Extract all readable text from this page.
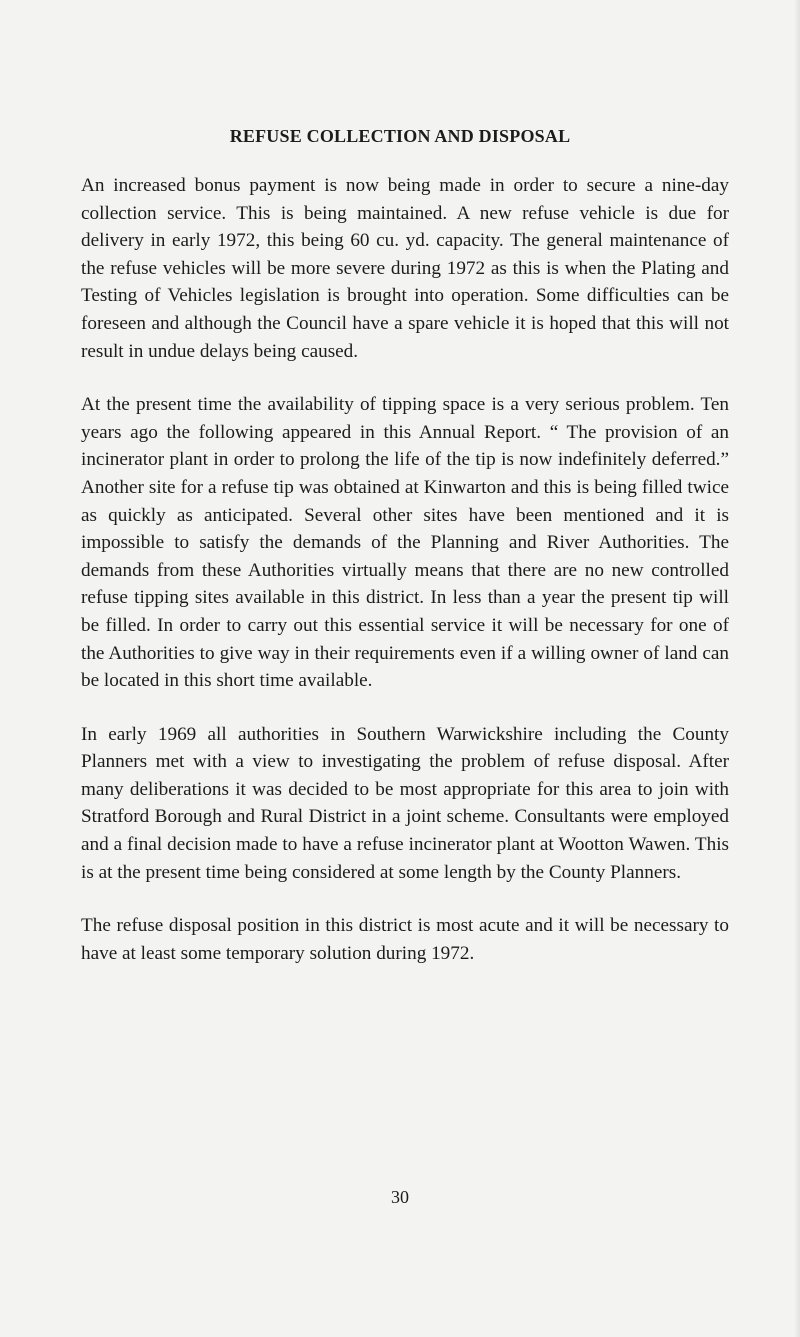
REFUSE COLLECTION AND DISPOSAL

An increased bonus payment is now being made in order to secure a nine-day collection service. This is being maintained. A new refuse vehicle is due for delivery in early 1972, this being 60 cu. yd. capacity. The general maintenance of the refuse vehicles will be more severe during 1972 as this is when the Plating and Testing of Vehicles legislation is brought into operation. Some difficulties can be foreseen and although the Council have a spare vehicle it is hoped that this will not result in undue delays being caused.

At the present time the availability of tipping space is a very serious problem. Ten years ago the following appeared in this Annual Report. “ The provision of an incinerator plant in order to prolong the life of the tip is now indefinitely deferred.” Another site for a refuse tip was obtained at Kinwarton and this is being filled twice as quickly as anticipated. Several other sites have been mentioned and it is impossible to satisfy the demands of the Planning and River Authorities. The demands from these Authorities virtually means that there are no new controlled refuse tipping sites available in this district. In less than a year the present tip will be filled. In order to carry out this essential service it will be necessary for one of the Authorities to give way in their requirements even if a willing owner of land can be located in this short time available.

In early 1969 all authorities in Southern Warwickshire including the County Planners met with a view to investigating the problem of refuse disposal. After many deliberations it was decided to be most appropriate for this area to join with Stratford Borough and Rural District in a joint scheme. Consultants were employed and a final decision made to have a refuse incinerator plant at Wootton Wawen. This is at the present time being considered at some length by the County Planners.

The refuse disposal position in this district is most acute and it will be necessary to have at least some temporary solution during 1972.

30
